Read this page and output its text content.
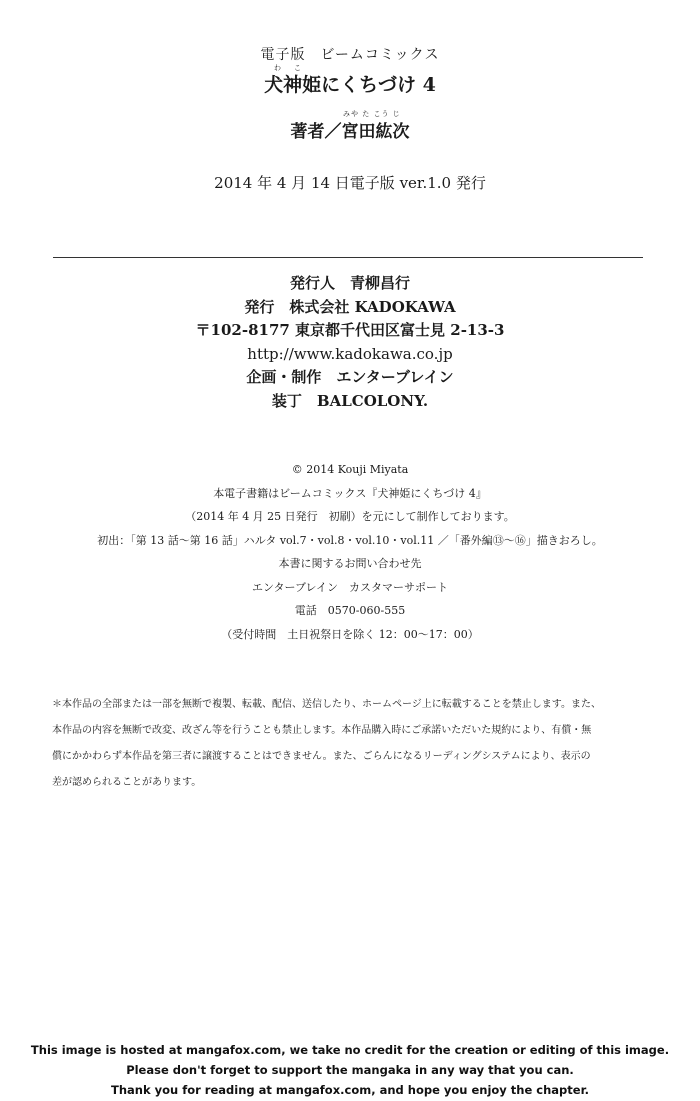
電子版　ビームコミックス
わ　こ
犬神姫にくちづけ 4
みや た こう じ
著者／宮田紘次
2014 年 4 月 14 日電子版 ver.1.0 発行
発行人　青柳昌行
発行　株式会社 KADOKAWA
〒102-8177 東京都千代田区富士見 2-13-3
http://www.kadokawa.co.jp
企画・制作　エンターブレイン
装丁　BALCOLONY.
© 2014 Kouji Miyata
本電子書籍はビームコミックス『犬神姫にくちづけ 4』
（2014 年 4 月 25 日発行　初刷）を元にして制作しております。
初出：「第 13 話〜第 16 話」ハルタ vol.7・vol.8・vol.10・vol.11 ／「番外編⑬〜⑯」描きおろし。
本書に関するお問い合わせ先
エンターブレイン　カスタマーサポート
電話　0570-060-555
（受付時間　土日祝祭日を除く 12：00〜17：00）
＊本作品の全部または一部を無断で複製、転載、配信、送信したり、ホームページ上に転載することを禁止します。また、
本作品の内容を無断で改変、改ざん等を行うことも禁止します。本作品購入時にご承諾いただいた規約により、有償・無
償にかかわらず本作品を第三者に譲渡することはできません。また、ごらんになるリーディングシステムにより、表示の
差が認められることがあります。
This image is hosted at mangafox.com, we take no credit for the creation or editing of this image.
Please don't forget to support the mangaka in any way that you can.
Thank you for reading at mangafox.com, and hope you enjoy the chapter.
